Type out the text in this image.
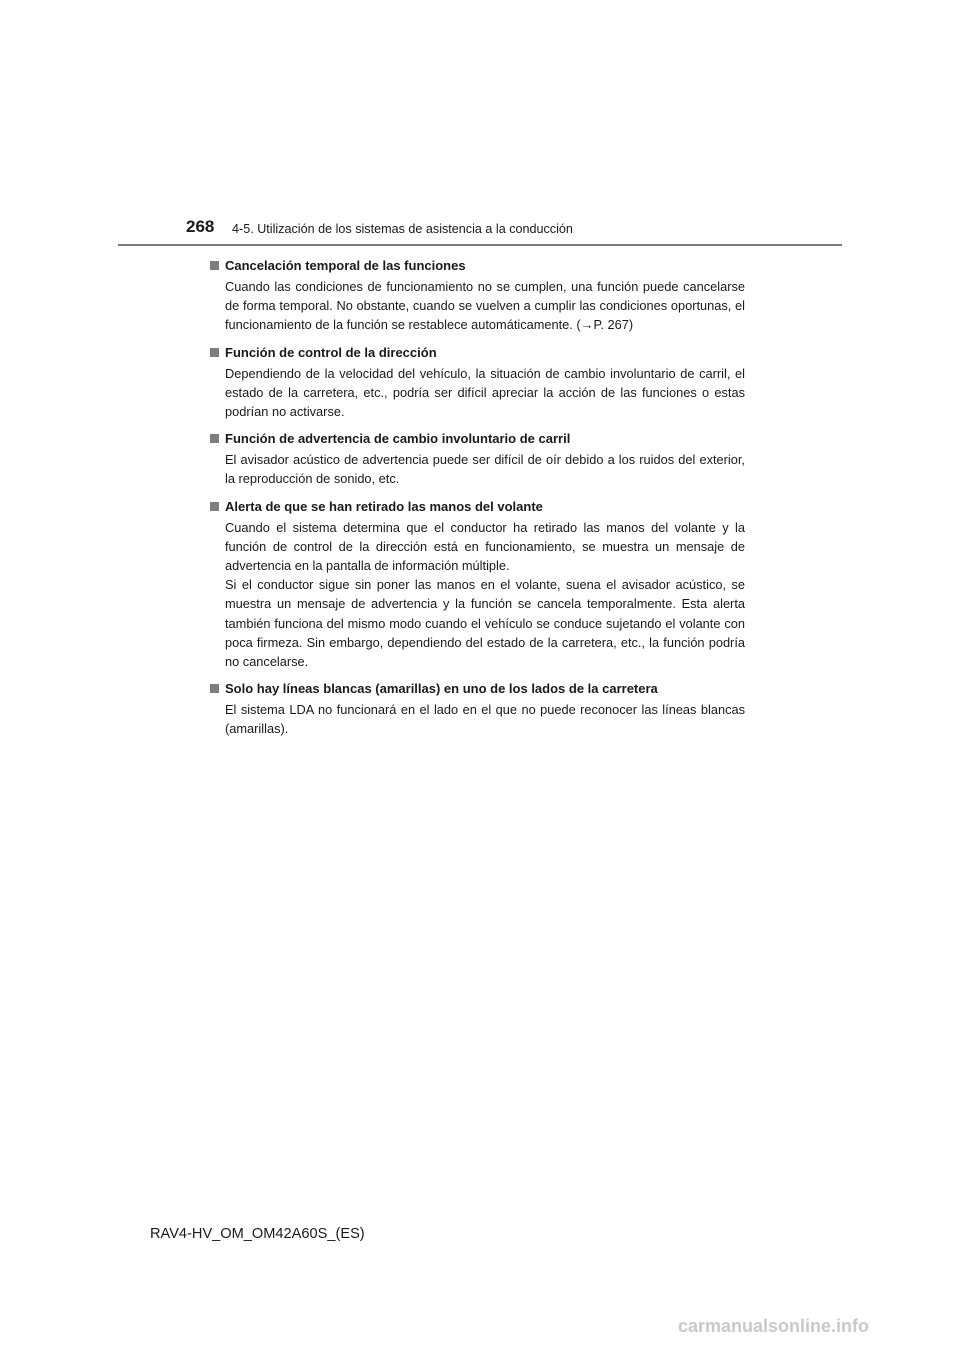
268 4-5. Utilización de los sistemas de asistencia a la conducción
Cancelación temporal de las funciones

Cuando las condiciones de funcionamiento no se cumplen, una función puede cancelarse de forma temporal. No obstante, cuando se vuelven a cumplir las condiciones oportunas, el funcionamiento de la función se restablece automáticamente. (→P. 267)

Función de control de la dirección

Dependiendo de la velocidad del vehículo, la situación de cambio involuntario de carril, el estado de la carretera, etc., podría ser difícil apreciar la acción de las funciones o estas podrían no activarse.

Función de advertencia de cambio involuntario de carril

El avisador acústico de advertencia puede ser difícil de oír debido a los ruidos del exterior, la reproducción de sonido, etc.

Alerta de que se han retirado las manos del volante

Cuando el sistema determina que el conductor ha retirado las manos del volante y la función de control de la dirección está en funcionamiento, se muestra un mensaje de advertencia en la pantalla de información múltiple.

Si el conductor sigue sin poner las manos en el volante, suena el avisador acústico, se muestra un mensaje de advertencia y la función se cancela temporalmente. Esta alerta también funciona del mismo modo cuando el vehículo se conduce sujetando el volante con poca firmeza. Sin embargo, dependiendo del estado de la carretera, etc., la función podría no cancelarse.

Solo hay líneas blancas (amarillas) en uno de los lados de la carretera

El sistema LDA no funcionará en el lado en el que no puede reconocer las líneas blancas (amarillas).

RAV4-HV_OM_OM42A60S_(ES)
carmanualsonline.info
